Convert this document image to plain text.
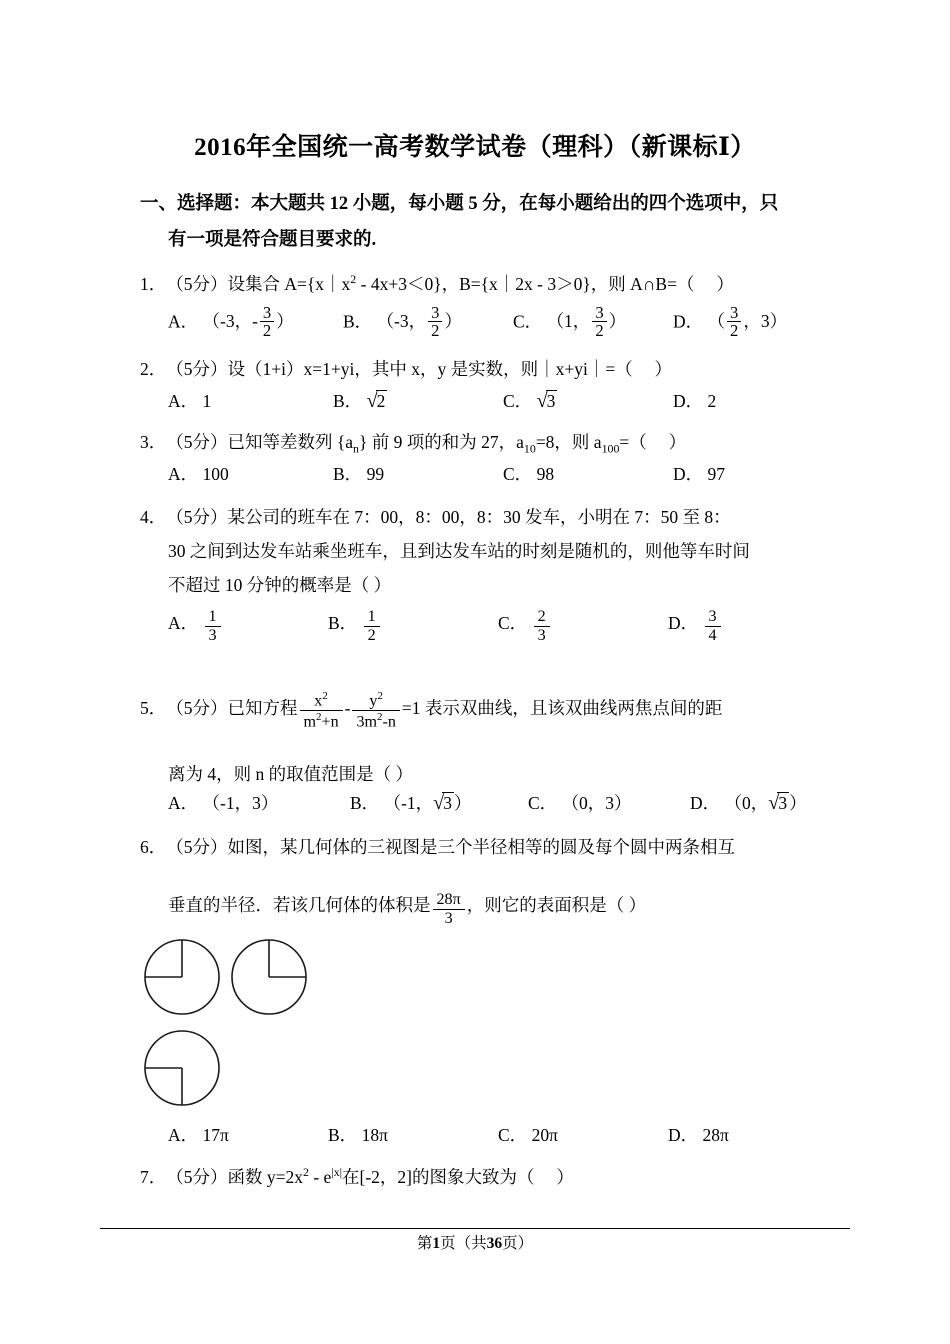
2016年全国统一高考数学试卷（理科）（新课标Ⅰ）
一、选择题：本大题共 12 小题，每小题 5 分，在每小题给出的四个选项中，只
有一项是符合题目要求的.
1．（5分）设集合 $A=\{x|x^2 - 4x+3<0\}$，B={x｜2x - 3＞0}，则 A∩B=（     ）
A． （-3，- $\frac{3}{2}$ ）	B． （-3， $\frac{3}{2}$ ）	C． （1， $\frac{3}{2}$ ）	D． （ $\frac{3}{2}$ ，3）
2．（5分）设（1+i）x=1+yi，其中 x，y 是实数，则｜x+yi｜=（     ）
A． 1	B． √2	C． √3	D． 2
3．（5分）已知等差数列 $\{a_n\}$ 前 9 项的和为 27，$a_{10}=8$，则 $a_{100}=$（     ）
A． 100	B． 99	C． 98	D． 97
4．（5分）某公司的班车在 7：00，8：00，8：30 发车，小明在 7：50 至 8：
30 之间到达发车站乘坐班车，且到达发车站的时刻是随机的，则他等车时间
不超过 10 分钟的概率是（ ）
A． $\frac{1}{3}$	B． $\frac{1}{2}$	C． $\frac{2}{3}$	D． $\frac{3}{4}$
5．（5分）已知方程 $\frac{x^2}{m^2+n} - \frac{y^2}{3m^2-n} =1$ 表示双曲线，且该双曲线两焦点间的距
离为 4，则 n 的取值范围是（ ）
A． （-1，3）	B． （-1，√3 ）	C． （0，3）	D． （0，√3 ）
6．（5分）如图，某几何体的三视图是三个半径相等的圆及每个圆中两条相互
垂直的半径．若该几何体的体积是 $\frac{28\pi}{3}$ ，则它的表面积是（ ）
A． 17π	B． 18π	C． 20π	D． 28π
7．（5分）函数 $y=2x^2 - e^{|x|}$在[-2，2]的图象大致为（     ）
第1页（共36页）
